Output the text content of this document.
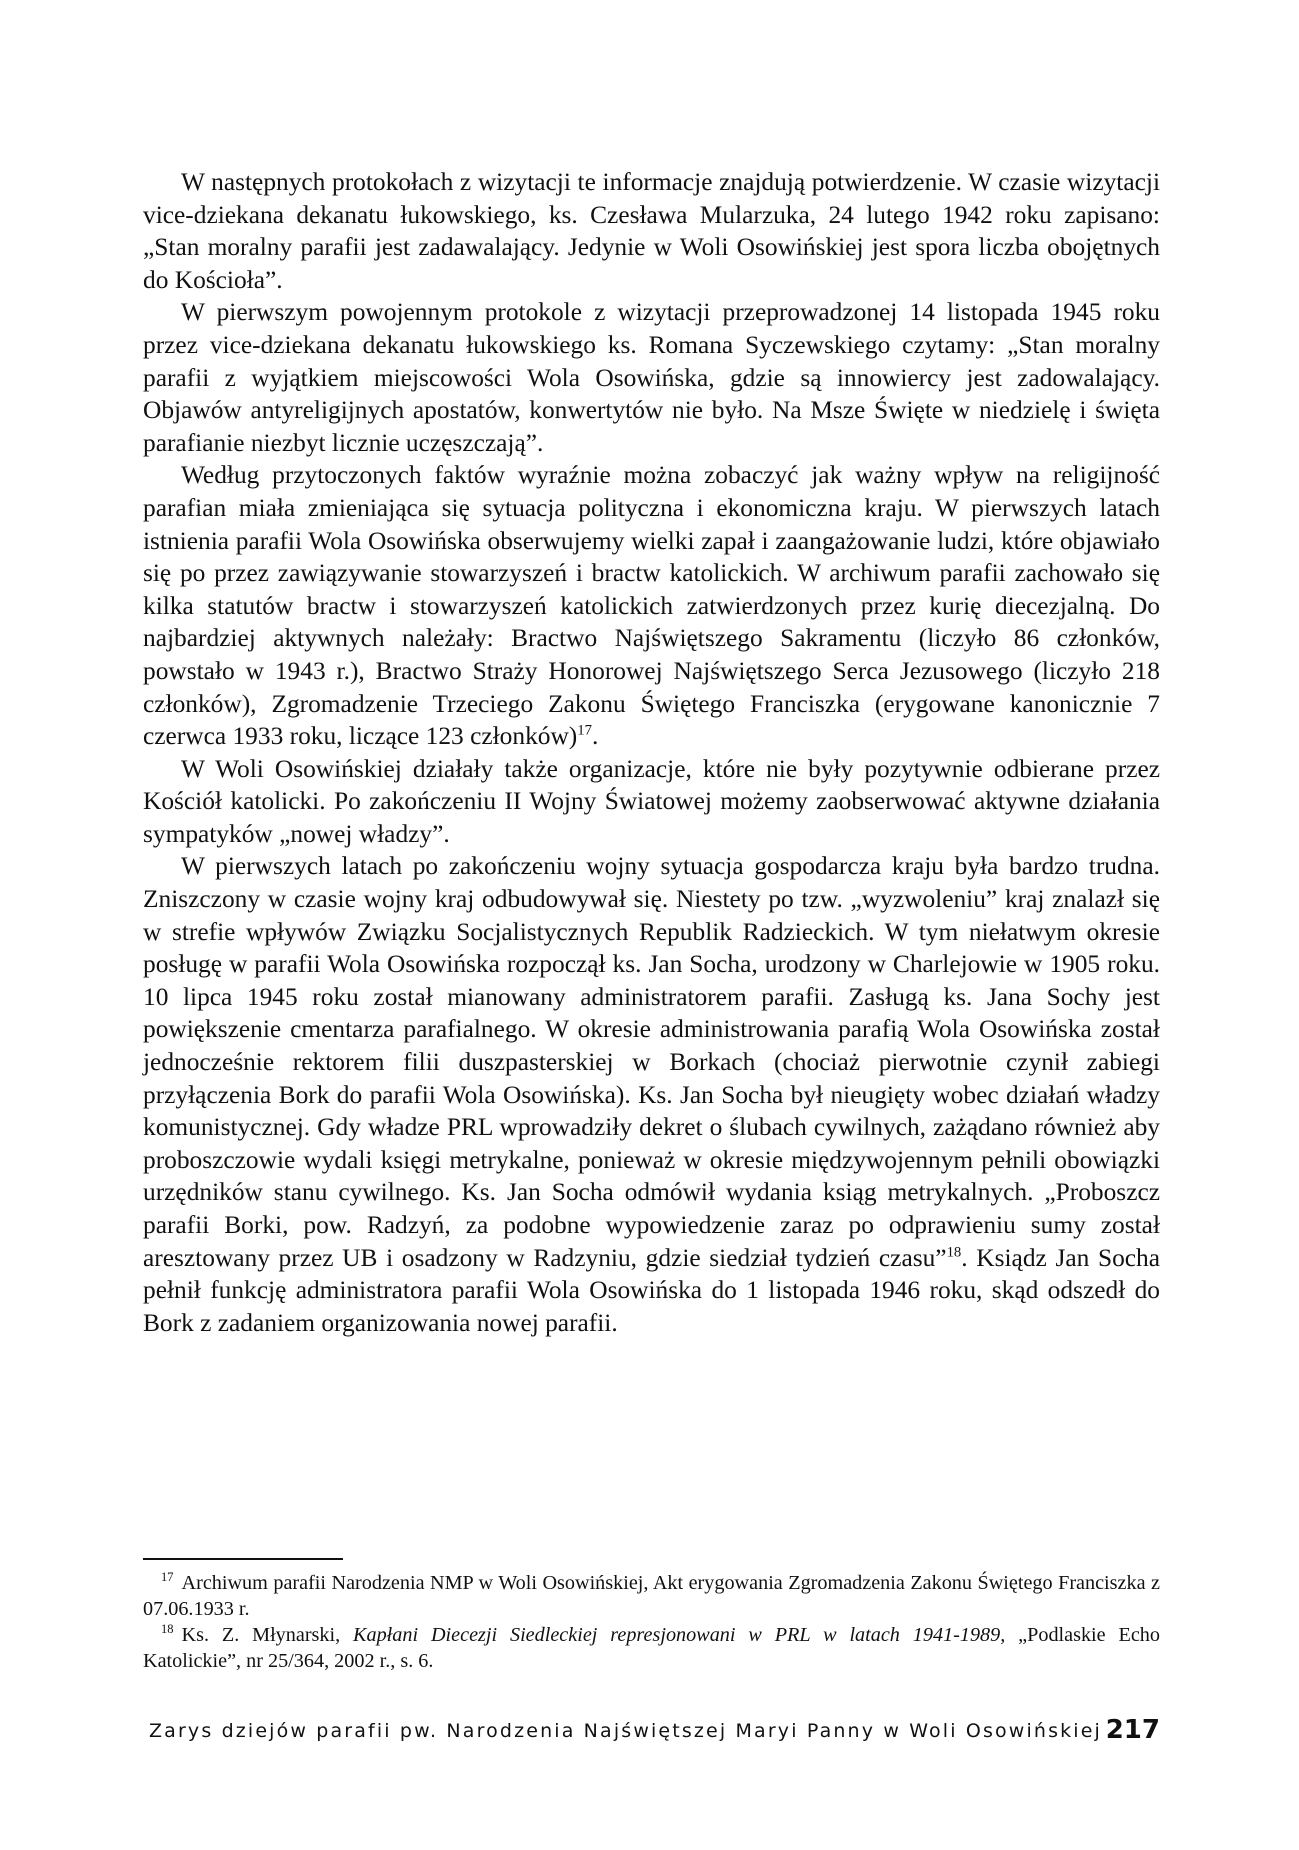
W następnych protokołach z wizytacji te informacje znajdują potwierdzenie. W czasie wizytacji vice-dziekana dekanatu łukowskiego, ks. Czesława Mularzuka, 24 lutego 1942 roku zapisano: „Stan moralny parafii jest zadawalający. Jedynie w Woli Osowińskiej jest spora liczba obojętnych do Kościoła”.

W pierwszym powojennym protokole z wizytacji przeprowadzonej 14 listopada 1945 roku przez vice-dziekana dekanatu łukowskiego ks. Romana Syczewskiego czytamy: „Stan moralny parafii z wyjątkiem miejscowości Wola Osowińska, gdzie są innowiercy jest zadowalający. Objawów antyreligijnych apostatów, konwertytów nie było. Na Msze Święte w niedzielę i święta parafianie niezbyt licznie uczęszczają”.

Według przytoczonych faktów wyraźnie można zobaczyć jak ważny wpływ na religijność parafian miała zmieniająca się sytuacja polityczna i ekonomiczna kraju. W pierwszych latach istnienia parafii Wola Osowińska obserwujemy wielki zapał i zaangażowanie ludzi, które objawiało się po przez zawiązywanie stowarzyszeń i bractw katolickich. W archiwum parafii zachowało się kilka statutów bractw i stowarzyszeń katolickich zatwierdzonych przez kurię diecezjalną. Do najbardziej aktywnych należały: Bractwo Najświętszego Sakramentu (liczyło 86 członków, powstało w 1943 r.), Bractwo Straży Honorowej Najświętszego Serca Jezusowego (liczyło 218 członków), Zgromadzenie Trzeciego Zakonu Świętego Franciszka (erygowane kanonicznie 7 czerwca 1933 roku, liczące 123 członków)$^{17}$.

W Woli Osowińskiej działały także organizacje, które nie były pozytywnie odbierane przez Kościół katolicki. Po zakończeniu II Wojny Światowej możemy zaobserwować aktywne działania sympatyków „nowej władzy”.

W pierwszych latach po zakończeniu wojny sytuacja gospodarcza kraju była bardzo trudna. Zniszczony w czasie wojny kraj odbudowywał się. Niestety po tzw. „wyzwoleniu” kraj znalazł się w strefie wpływów Związku Socjalistycznych Republik Radzieckich. W tym niełatwym okresie posługę w parafii Wola Osowińska rozpoczął ks. Jan Socha, urodzony w Charlejowie w 1905 roku. 10 lipca 1945 roku został mianowany administratorem parafii. Zasługą ks. Jana Sochy jest powiększenie cmentarza parafialnego. W okresie administrowania parafią Wola Osowińska został jednocześnie rektorem filii duszpasterskiej w Borkach (chociaż pierwotnie czynił zabiegi przyłączenia Bork do parafii Wola Osowińska). Ks. Jan Socha był nieugięty wobec działań władzy komunistycznej. Gdy władze PRL wprowadziły dekret o ślubach cywilnych, zażądano również aby proboszczowie wydali księgi metrykalne, ponieważ w okresie międzywojennym pełnili obowiązki urzędników stanu cywilnego. Ks. Jan Socha odmówił wydania ksiąg metrykalnych. „Proboszcz parafii Borki, pow. Radzyń, za podobne wypowiedzenie zaraz po odprawieniu sumy został aresztowany przez UB i osadzony w Radzyniu, gdzie siedział tydzień czasu”$^{18}$. Ksiądz Jan Socha pełnił funkcję administratora parafii Wola Osowińska do 1 listopada 1946 roku, skąd odszedł do Bork z zadaniem organizowania nowej parafii.

$^{17}$ Archiwum parafii Narodzenia NMP w Woli Osowińskiej, Akt erygowania Zgromadzenia Zakonu Świętego Franciszka z 07.06.1933 r.

$^{18}$ Ks. Z. Młynarski, Kapłani Diecezji Siedleckiej represjonowani w PRL w latach 1941-1989, „Podlaskie Echo Katolickie”, nr 25/364, 2002 r., s. 6.

Zarys dziejów parafii pw. Narodzenia Najświętszej Maryi Panny w Woli Osowińskiej 217
